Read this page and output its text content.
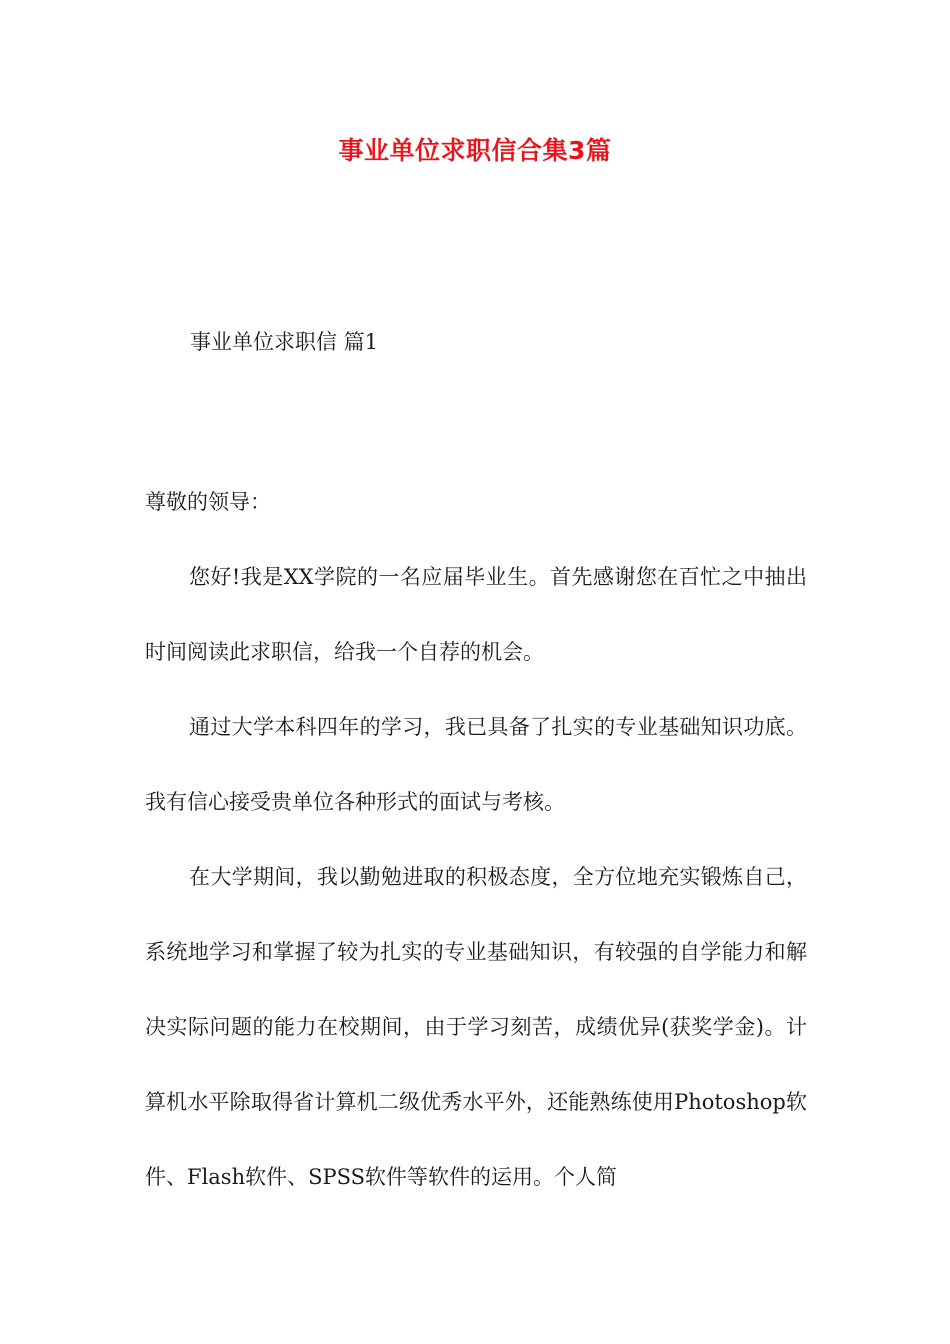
事业单位求职信合集3篇
事业单位求职信 篇1

尊敬的领导：

您好!我是XX学院的一名应届毕业生。首先感谢您在百忙之中抽出时间阅读此求职信，给我一个自荐的机会。

通过大学本科四年的学习，我已具备了扎实的专业基础知识功底。我有信心接受贵单位各种形式的面试与考核。

在大学期间，我以勤勉进取的积极态度，全方位地充实锻炼自己，系统地学习和掌握了较为扎实的专业基础知识，有较强的自学能力和解决实际问题的能力在校期间，由于学习刻苦，成绩优异(获奖学金)。计算机水平除取得省计算机二级优秀水平外，还能熟练使用Photoshop软件、Flash软件、SPSS软件等软件的运用。个人简
